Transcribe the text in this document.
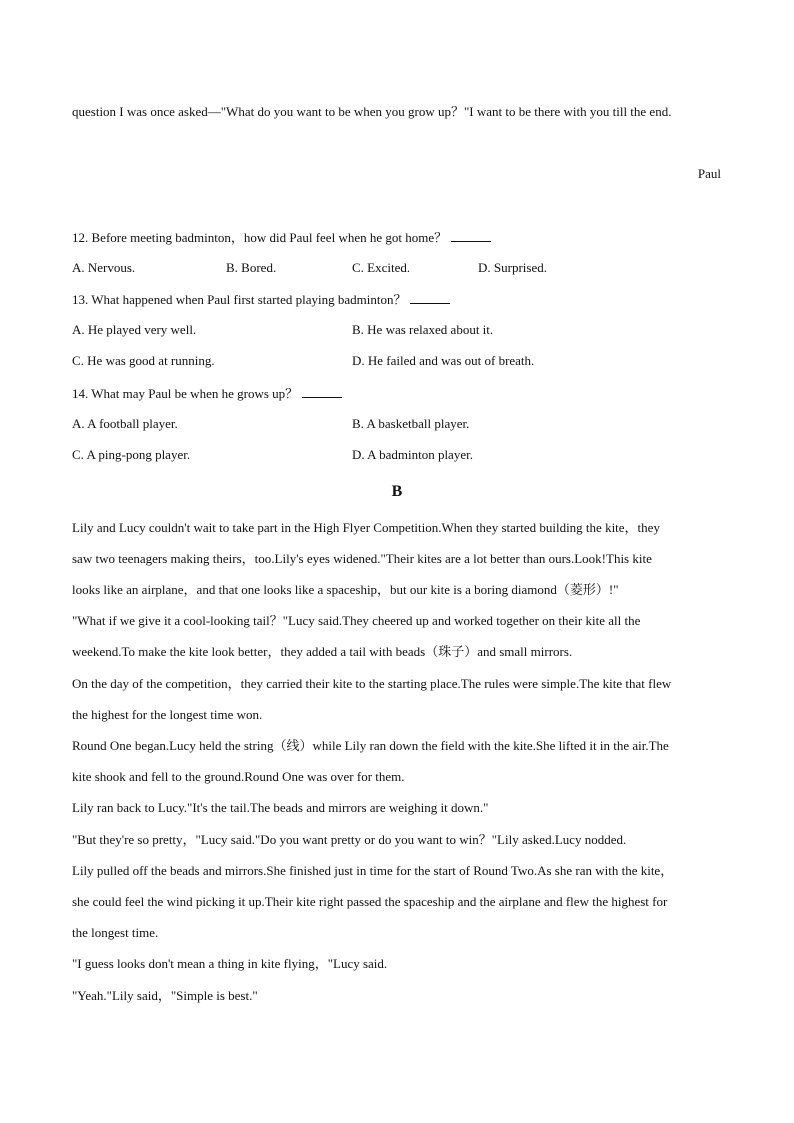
question I was once asked—"What do you want to be when you grow up？"I want to be there with you till the end.
Paul
12. Before meeting badminton，how did Paul feel when he got home？
A. Nervous.	B. Bored.	C. Excited.	D. Surprised.
13. What happened when Paul first started playing badminton？
A. He played very well.	B. He was relaxed about it.
C. He was good at running.	D. He failed and was out of breath.
14. What may Paul be when he grows up？
A. A football player.	B. A basketball player.
C. A ping-pong player.	D. A badminton player.
B
Lily and Lucy couldn't wait to take part in the High Flyer Competition.When they started building the kite，they
saw two teenagers making theirs，too.Lily's eyes widened."Their kites are a lot better than ours.Look!This kite
looks like an airplane，and that one looks like a spaceship，but our kite is a boring diamond（菱形）!"
"What if we give it a cool-looking tail？"Lucy said.They cheered up and worked together on their kite all the
weekend.To make the kite look better，they added a tail with beads（珠子）and small mirrors.
On the day of the competition，they carried their kite to the starting place.The rules were simple.The kite that flew
the highest for the longest time won.
Round One began.Lucy held the string（线）while Lily ran down the field with the kite.She lifted it in the air.The
kite shook and fell to the ground.Round One was over for them.
Lily ran back to Lucy."It's the tail.The beads and mirrors are weighing it down."
"But they're so pretty，"Lucy said."Do you want pretty or do you want to win？"Lily asked.Lucy nodded.
Lily pulled off the beads and mirrors.She finished just in time for the start of Round Two.As she ran with the kite，
she could feel the wind picking it up.Their kite right passed the spaceship and the airplane and flew the highest for
the longest time.
"I guess looks don't mean a thing in kite flying，"Lucy said.
"Yeah."Lily said，"Simple is best."
